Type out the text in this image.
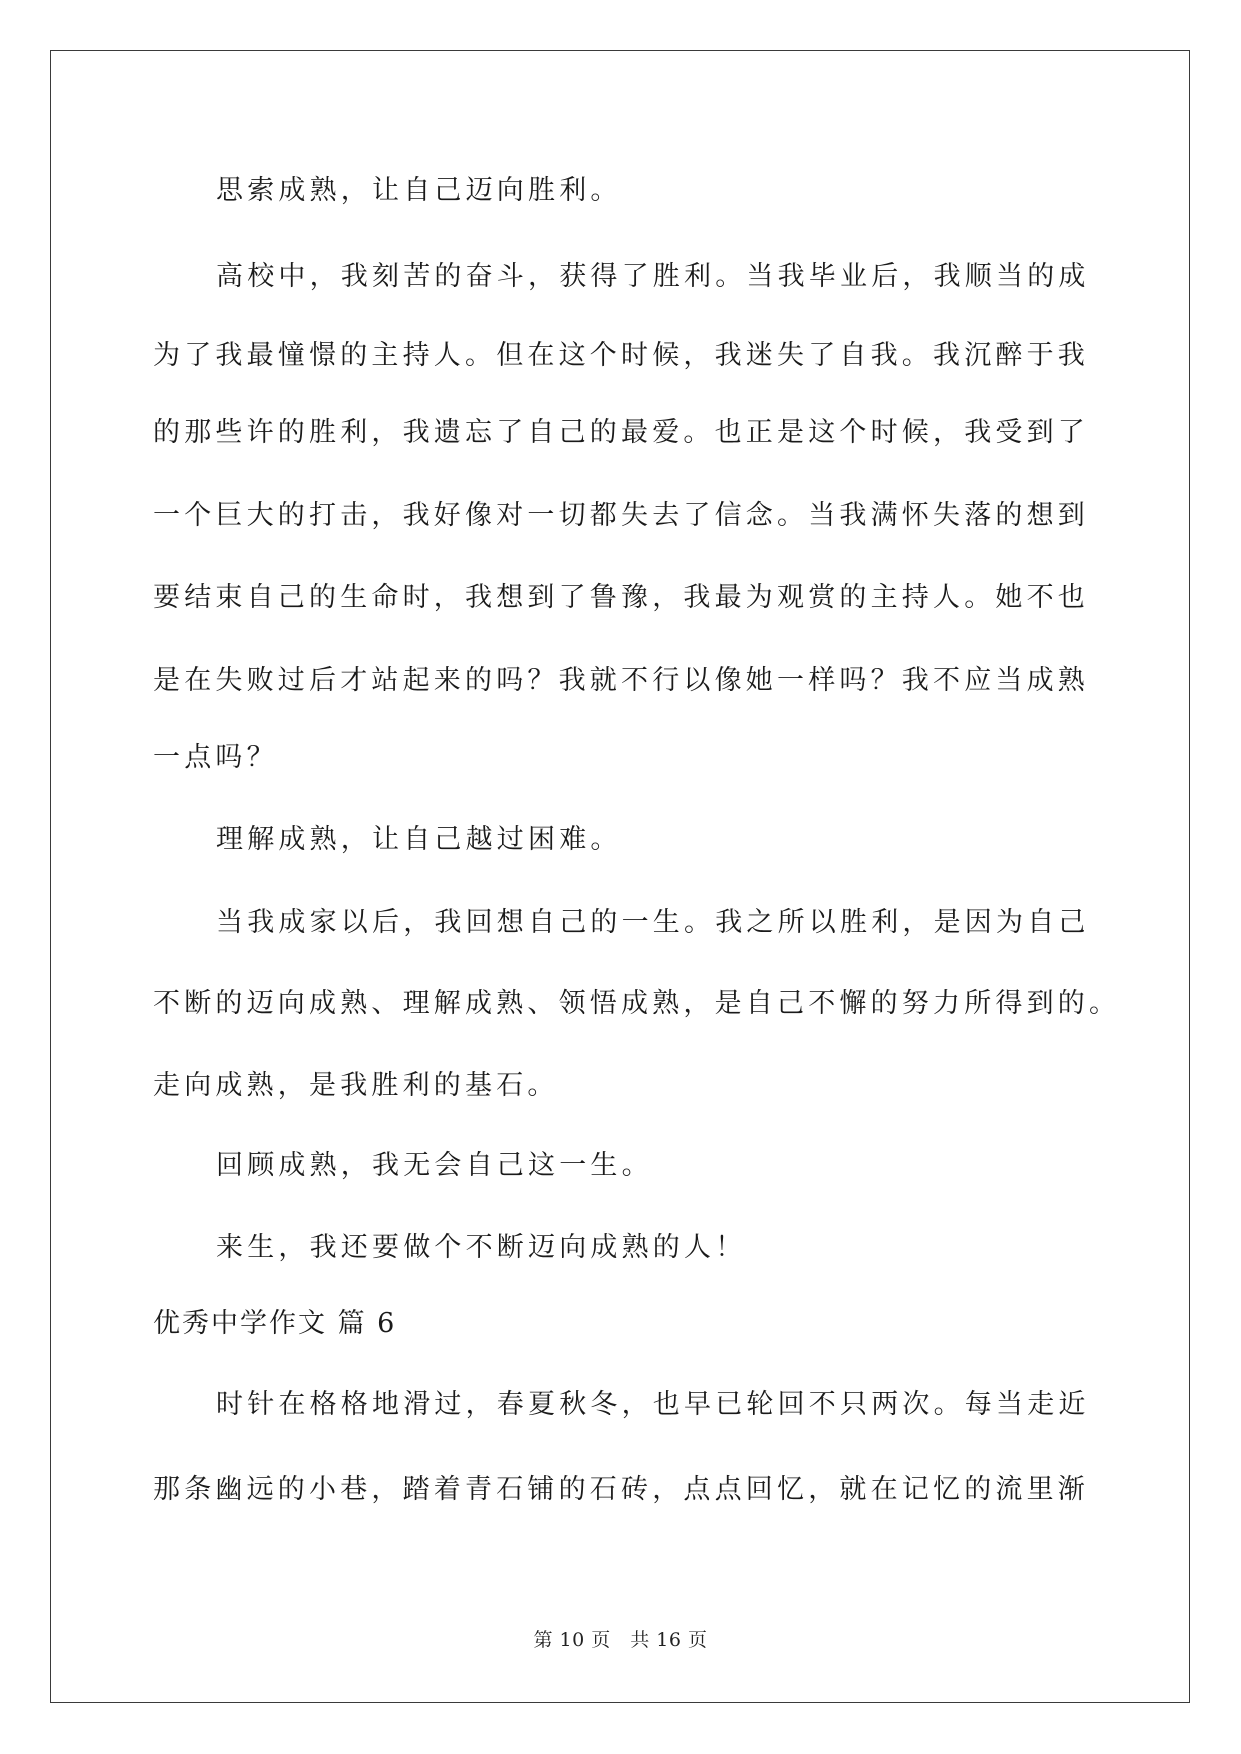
思索成熟，让自己迈向胜利。
高校中，我刻苦的奋斗，获得了胜利。当我毕业后，我顺当的成
为了我最憧憬的主持人。但在这个时候，我迷失了自我。我沉醉于我
的那些许的胜利，我遗忘了自己的最爱。也正是这个时候，我受到了
一个巨大的打击，我好像对一切都失去了信念。当我满怀失落的想到
要结束自己的生命时，我想到了鲁豫，我最为观赏的主持人。她不也
是在失败过后才站起来的吗？我就不行以像她一样吗？我不应当成熟
一点吗？
理解成熟，让自己越过困难。
当我成家以后，我回想自己的一生。我之所以胜利，是因为自己
不断的迈向成熟、理解成熟、领悟成熟，是自己不懈的努力所得到的。
走向成熟，是我胜利的基石。
回顾成熟，我无会自己这一生。
来生，我还要做个不断迈向成熟的人！
优秀中学作文 篇 6
时针在格格地滑过，春夏秋冬，也早已轮回不只两次。每当走近
那条幽远的小巷，踏着青石铺的石砖，点点回忆，就在记忆的流里渐
第 10 页　共 16 页
